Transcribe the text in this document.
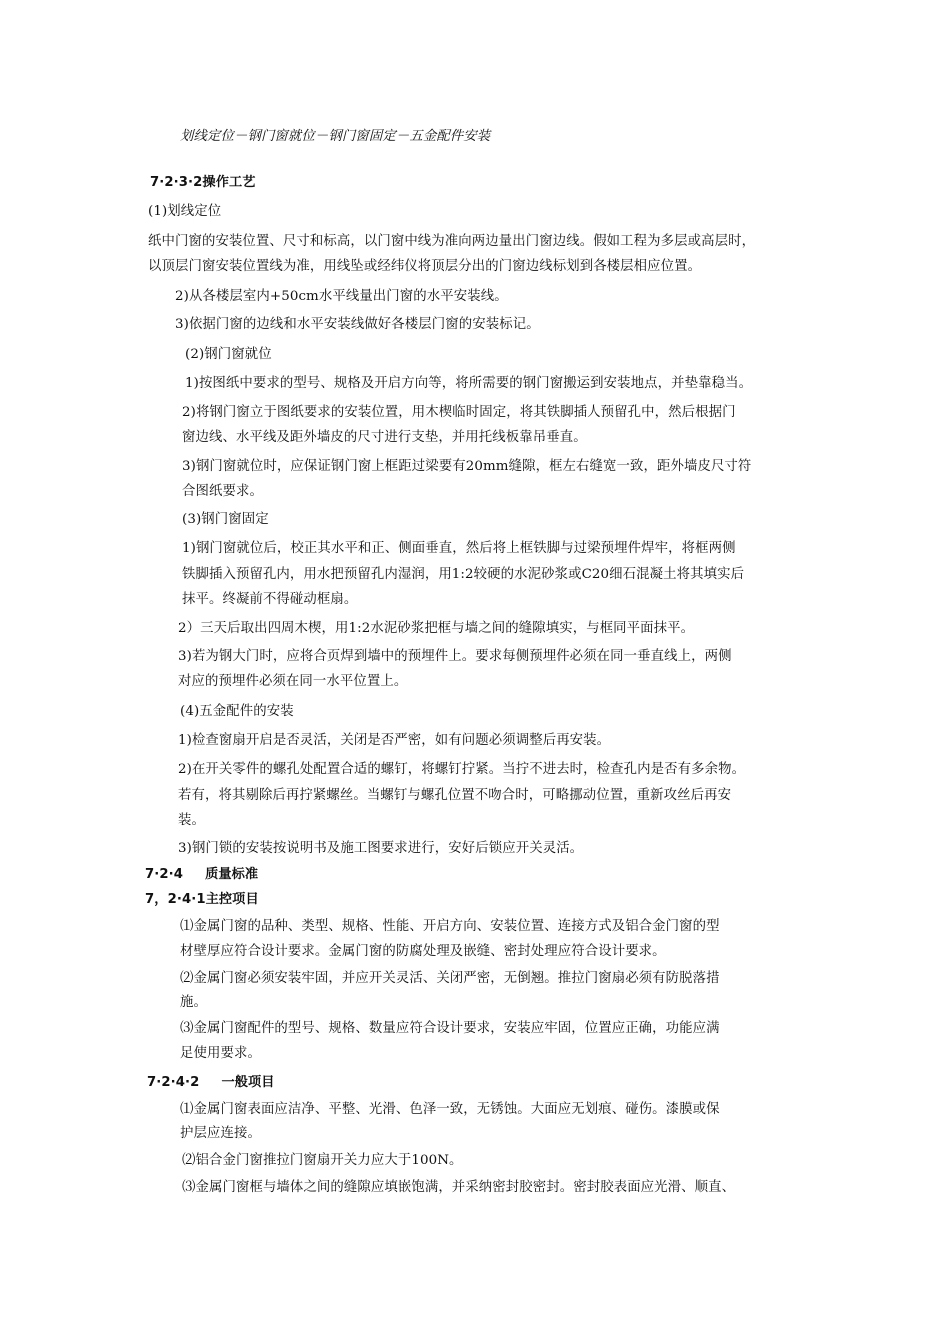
划线定位－钢门窗就位－钢门窗固定－五金配件安装
7·2·3·2操作工艺
(1)划线定位
纸中门窗的安装位置、尺寸和标高，以门窗中线为准向两边量出门窗边线。假如工程为多层或高层时，
以顶层门窗安装位置线为准，用线坠或经纬仪将顶层分出的门窗边线标划到各楼层相应位置。
2)从各楼层室内+50cm水平线量出门窗的水平安装线。
3)依据门窗的边线和水平安装线做好各楼层门窗的安装标记。
(2)钢门窗就位
1)按图纸中要求的型号、规格及开启方向等，将所需要的钢门窗搬运到安装地点，并垫靠稳当。
2)将钢门窗立于图纸要求的安装位置，用木楔临时固定，将其铁脚插人预留孔中，然后根据门
窗边线、水平线及距外墙皮的尺寸进行支垫，并用托线板靠吊垂直。
3)钢门窗就位时，应保证钢门窗上框距过梁要有20mm缝隙，框左右缝宽一致，距外墙皮尺寸符
合图纸要求。
(3)钢门窗固定
1)钢门窗就位后，校正其水平和正、侧面垂直，然后将上框铁脚与过梁预埋件焊牢，将框两侧
铁脚插入预留孔内，用水把预留孔内湿润，用1:2较硬的水泥砂浆或C20细石混凝土将其填实后
抹平。终凝前不得碰动框扇。
2）三天后取出四周木楔，用1:2水泥砂浆把框与墙之间的缝隙填实，与框同平面抹平。
3)若为钢大门时，应将合页焊到墙中的预埋件上。要求每侧预埋件必须在同一垂直线上，两侧
对应的预埋件必须在同一水平位置上。
(4)五金配件的安装
1)检查窗扇开启是否灵活，关闭是否严密，如有问题必须调整后再安装。
2)在开关零件的螺孔处配置合适的螺钉，将螺钉拧紧。当拧不进去时，检查孔内是否有多余物。
若有，将其剔除后再拧紧螺丝。当螺钉与螺孔位置不吻合时，可略挪动位置，重新攻丝后再安
装。
3)钢门锁的安装按说明书及施工图要求进行，安好后锁应开关灵活。
7·2·4 质量标准
7，2·4·1主控项目
⑴金属门窗的品种、类型、规格、性能、开启方向、安装位置、连接方式及铝合金门窗的型
材壁厚应符合设计要求。金属门窗的防腐处理及嵌缝、密封处理应符合设计要求。
⑵金属门窗必须安装牢固，并应开关灵活、关闭严密，无倒翘。推拉门窗扇必须有防脱落措
施。
⑶金属门窗配件的型号、规格、数量应符合设计要求，安装应牢固，位置应正确，功能应满
足使用要求。
7·2·4·2 一般项目
⑴金属门窗表面应洁净、平整、光滑、色泽一致，无锈蚀。大面应无划痕、碰伤。漆膜或保
护层应连接。
⑵铝合金门窗推拉门窗扇开关力应大于100N。
⑶金属门窗框与墙体之间的缝隙应填嵌饱满，并采纳密封胶密封。密封胶表面应光滑、顺直、
